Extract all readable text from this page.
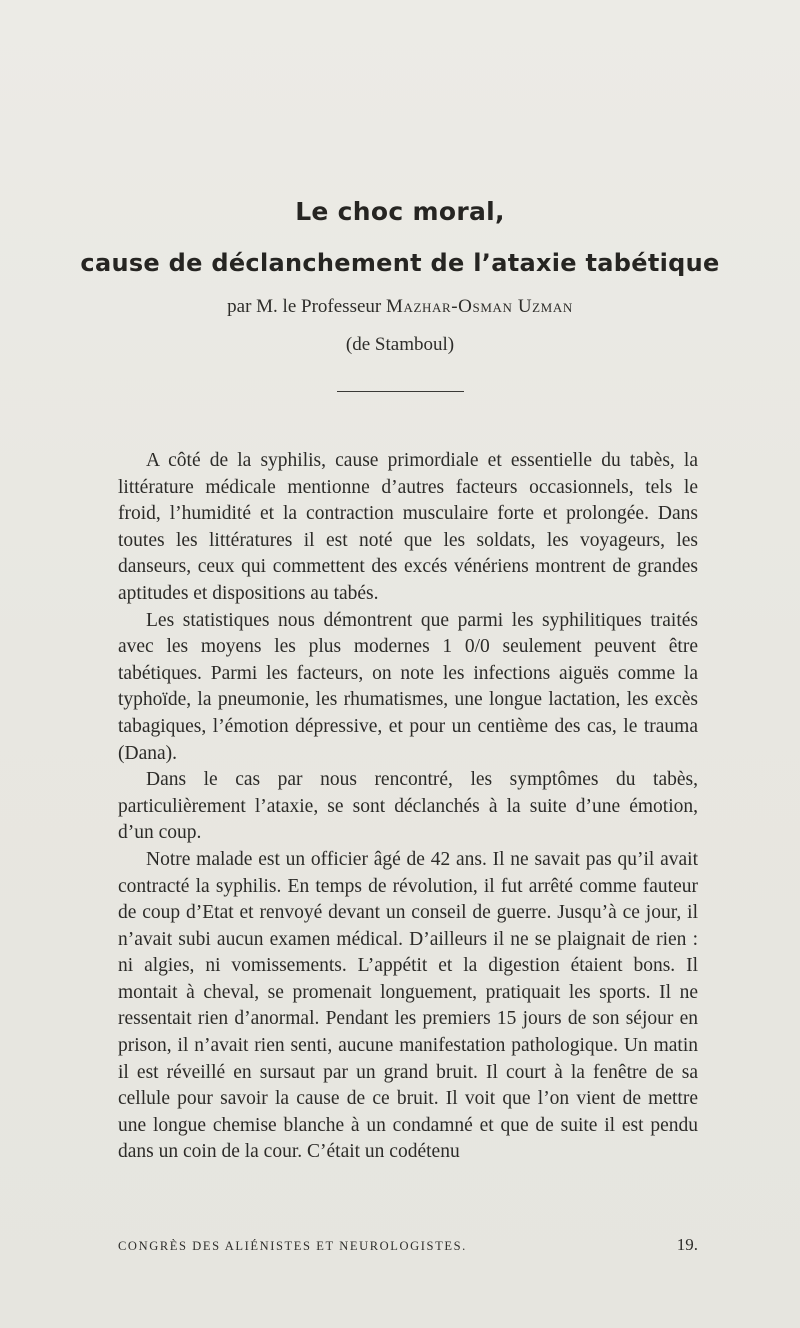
Le choc moral,
cause de déclanchement de l’ataxie tabétique
par M. le Professeur Mazhar-Osman Uzman
(de Stamboul)

A côté de la syphilis, cause primordiale et essentielle du tabès, la littérature médicale mentionne d’autres facteurs occasionnels, tels le froid, l’humidité et la contraction musculaire forte et prolongée. Dans toutes les littératures il est noté que les soldats, les voyageurs, les danseurs, ceux qui commettent des excés vénériens montrent de grandes aptitudes et dispositions au tabés.

Les statistiques nous démontrent que parmi les syphilitiques traités avec les moyens les plus modernes 1 0/0 seulement peuvent être tabétiques. Parmi les facteurs, on note les infections aiguës comme la typhoïde, la pneumonie, les rhumatismes, une longue lactation, les excès tabagiques, l’émotion dépressive, et pour un centième des cas, le trauma (Dana).

Dans le cas par nous rencontré, les symptômes du tabès, particulièrement l’ataxie, se sont déclanchés à la suite d’une émotion, d’un coup.

Notre malade est un officier âgé de 42 ans. Il ne savait pas qu’il avait contracté la syphilis. En temps de révolution, il fut arrêté comme fauteur de coup d’Etat et renvoyé devant un conseil de guerre. Jusqu’à ce jour, il n’avait subi aucun examen médical. D’ailleurs il ne se plaignait de rien : ni algies, ni vomissements. L’appétit et la digestion étaient bons. Il montait à cheval, se promenait longuement, pratiquait les sports. Il ne ressentait rien d’anormal. Pendant les premiers 15 jours de son séjour en prison, il n’avait rien senti, aucune manifestation pathologique. Un matin il est réveillé en sursaut par un grand bruit. Il court à la fenêtre de sa cellule pour savoir la cause de ce bruit. Il voit que l’on vient de mettre une longue chemise blanche à un condamné et que de suite il est pendu dans un coin de la cour. C’était un codétenu

CONGRÈS DES ALIÉNISTES ET NEUROLOGISTES.	19.
